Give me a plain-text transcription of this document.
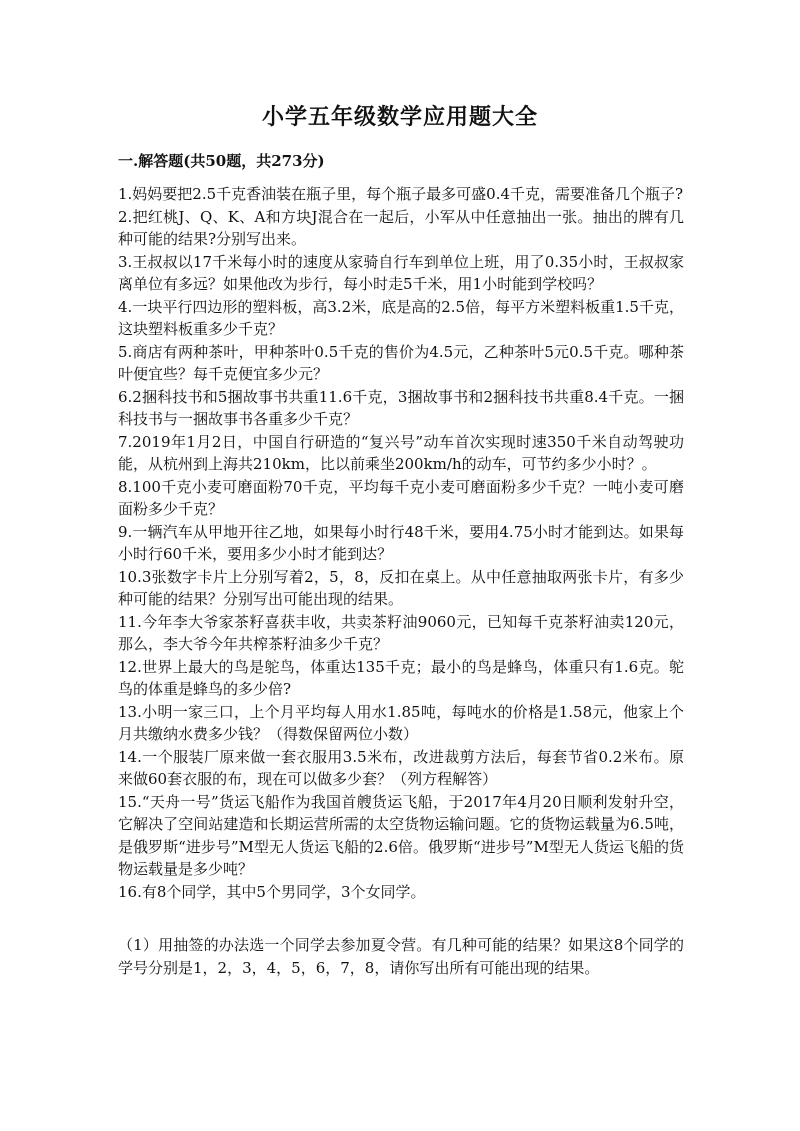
小学五年级数学应用题大全
一.解答题(共50题，共273分)

1.妈妈要把2.5千克香油装在瓶子里，每个瓶子最多可盛0.4千克，需要准备几个瓶子?

2.把红桃J、Q、K、A和方块J混合在一起后，小军从中任意抽出一张。抽出的牌有几种可能的结果?分别写出来。

3.王叔叔以17千米每小时的速度从家骑自行车到单位上班，用了0.35小时，王叔叔家离单位有多远？如果他改为步行，每小时走5千米，用1小时能到学校吗？

4.一块平行四边形的塑料板，高3.2米，底是高的2.5倍，每平方米塑料板重1.5千克，这块塑料板重多少千克？

5.商店有两种茶叶，甲种茶叶0.5千克的售价为4.5元，乙种茶叶5元0.5千克。哪种茶叶便宜些？每千克便宜多少元？

6.2捆科技书和5捆故事书共重11.6千克，3捆故事书和2捆科技书共重8.4千克。一捆科技书与一捆故事书各重多少千克？

7.2019年1月2日，中国自行研造的“复兴号”动车首次实现时速350千米自动驾驶功能，从杭州到上海共210km，比以前乘坐200km/h的动车，可节约多少小时？。

8.100千克小麦可磨面粉70千克，平均每千克小麦可磨面粉多少千克？一吨小麦可磨面粉多少千克？

9.一辆汽车从甲地开往乙地，如果每小时行48千米，要用4.75小时才能到达。如果每小时行60千米，要用多少小时才能到达？

10.3张数字卡片上分别写着2，5，8，反扣在桌上。从中任意抽取两张卡片，有多少种可能的结果？分别写出可能出现的结果。

11.今年李大爷家茶籽喜获丰收，共卖茶籽油9060元，已知每千克茶籽油卖120元，那么，李大爷今年共榨茶籽油多少千克？

12.世界上最大的鸟是鸵鸟，体重达135千克；最小的鸟是蜂鸟，体重只有1.6克。鸵鸟的体重是蜂鸟的多少倍?

13.小明一家三口，上个月平均每人用水1.85吨，每吨水的价格是1.58元，他家上个月共缴纳水费多少钱？（得数保留两位小数）

14.一个服装厂原来做一套衣服用3.5米布，改进裁剪方法后，每套节省0.2米布。原来做60套衣服的布，现在可以做多少套？（列方程解答）

15.“天舟一号”货运飞船作为我国首艘货运飞船，于2017年4月20日顺利发射升空，它解决了空间站建造和长期运营所需的太空货物运输问题。它的货物运载量为6.5吨，是俄罗斯“进步号”M型无人货运飞船的2.6倍。俄罗斯“进步号”M型无人货运飞船的货物运载量是多少吨？

16.有8个同学，其中5个男同学，3个女同学。

（1）用抽签的办法选一个同学去参加夏令营。有几种可能的结果？如果这8个同学的学号分别是1，2，3，4，5，6，7，8，请你写出所有可能出现的结果。
